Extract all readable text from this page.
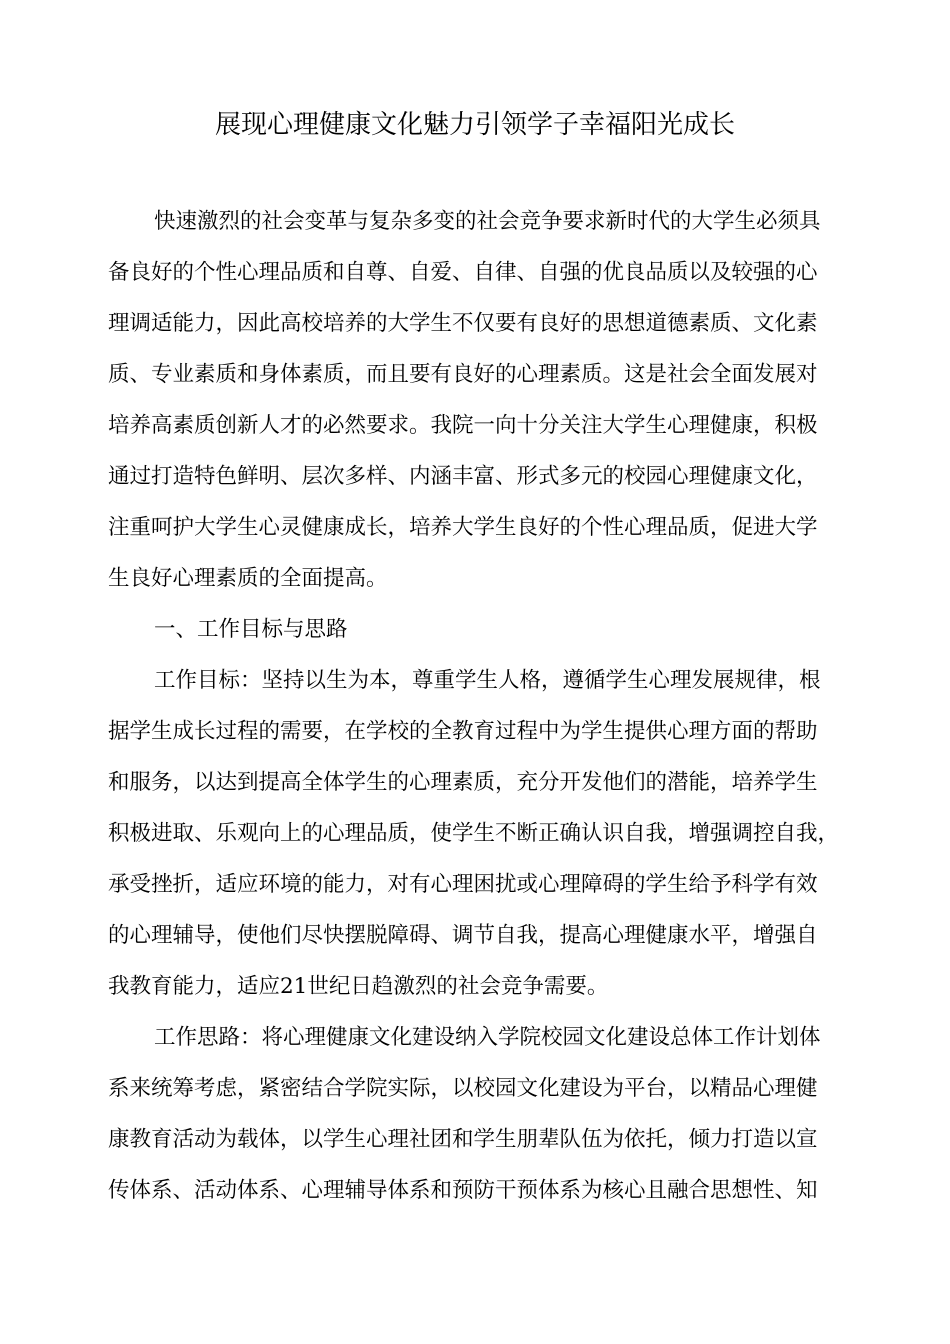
展现心理健康文化魅力引领学子幸福阳光成长
快速激烈的社会变革与复杂多变的社会竞争要求新时代的大学生必须具
备良好的个性心理品质和自尊、自爱、自律、自强的优良品质以及较强的心
理调适能力，因此高校培养的大学生不仅要有良好的思想道德素质、文化素
质、专业素质和身体素质，而且要有良好的心理素质。这是社会全面发展对
培养高素质创新人才的必然要求。我院一向十分关注大学生心理健康，积极
通过打造特色鲜明、层次多样、内涵丰富、形式多元的校园心理健康文化，
注重呵护大学生心灵健康成长，培养大学生良好的个性心理品质，促进大学
生良好心理素质的全面提高。
一、工作目标与思路
工作目标：坚持以生为本，尊重学生人格，遵循学生心理发展规律，根
据学生成长过程的需要，在学校的全教育过程中为学生提供心理方面的帮助
和服务，以达到提高全体学生的心理素质，充分开发他们的潜能，培养学生
积极进取、乐观向上的心理品质，使学生不断正确认识自我，增强调控自我，
承受挫折，适应环境的能力，对有心理困扰或心理障碍的学生给予科学有效
的心理辅导，使他们尽快摆脱障碍、调节自我，提高心理健康水平，增强自
我教育能力，适应21世纪日趋激烈的社会竞争需要。
工作思路：将心理健康文化建设纳入学院校园文化建设总体工作计划体
系来统筹考虑，紧密结合学院实际，以校园文化建设为平台，以精品心理健
康教育活动为载体，以学生心理社团和学生朋辈队伍为依托，倾力打造以宣
传体系、活动体系、心理辅导体系和预防干预体系为核心且融合思想性、知
